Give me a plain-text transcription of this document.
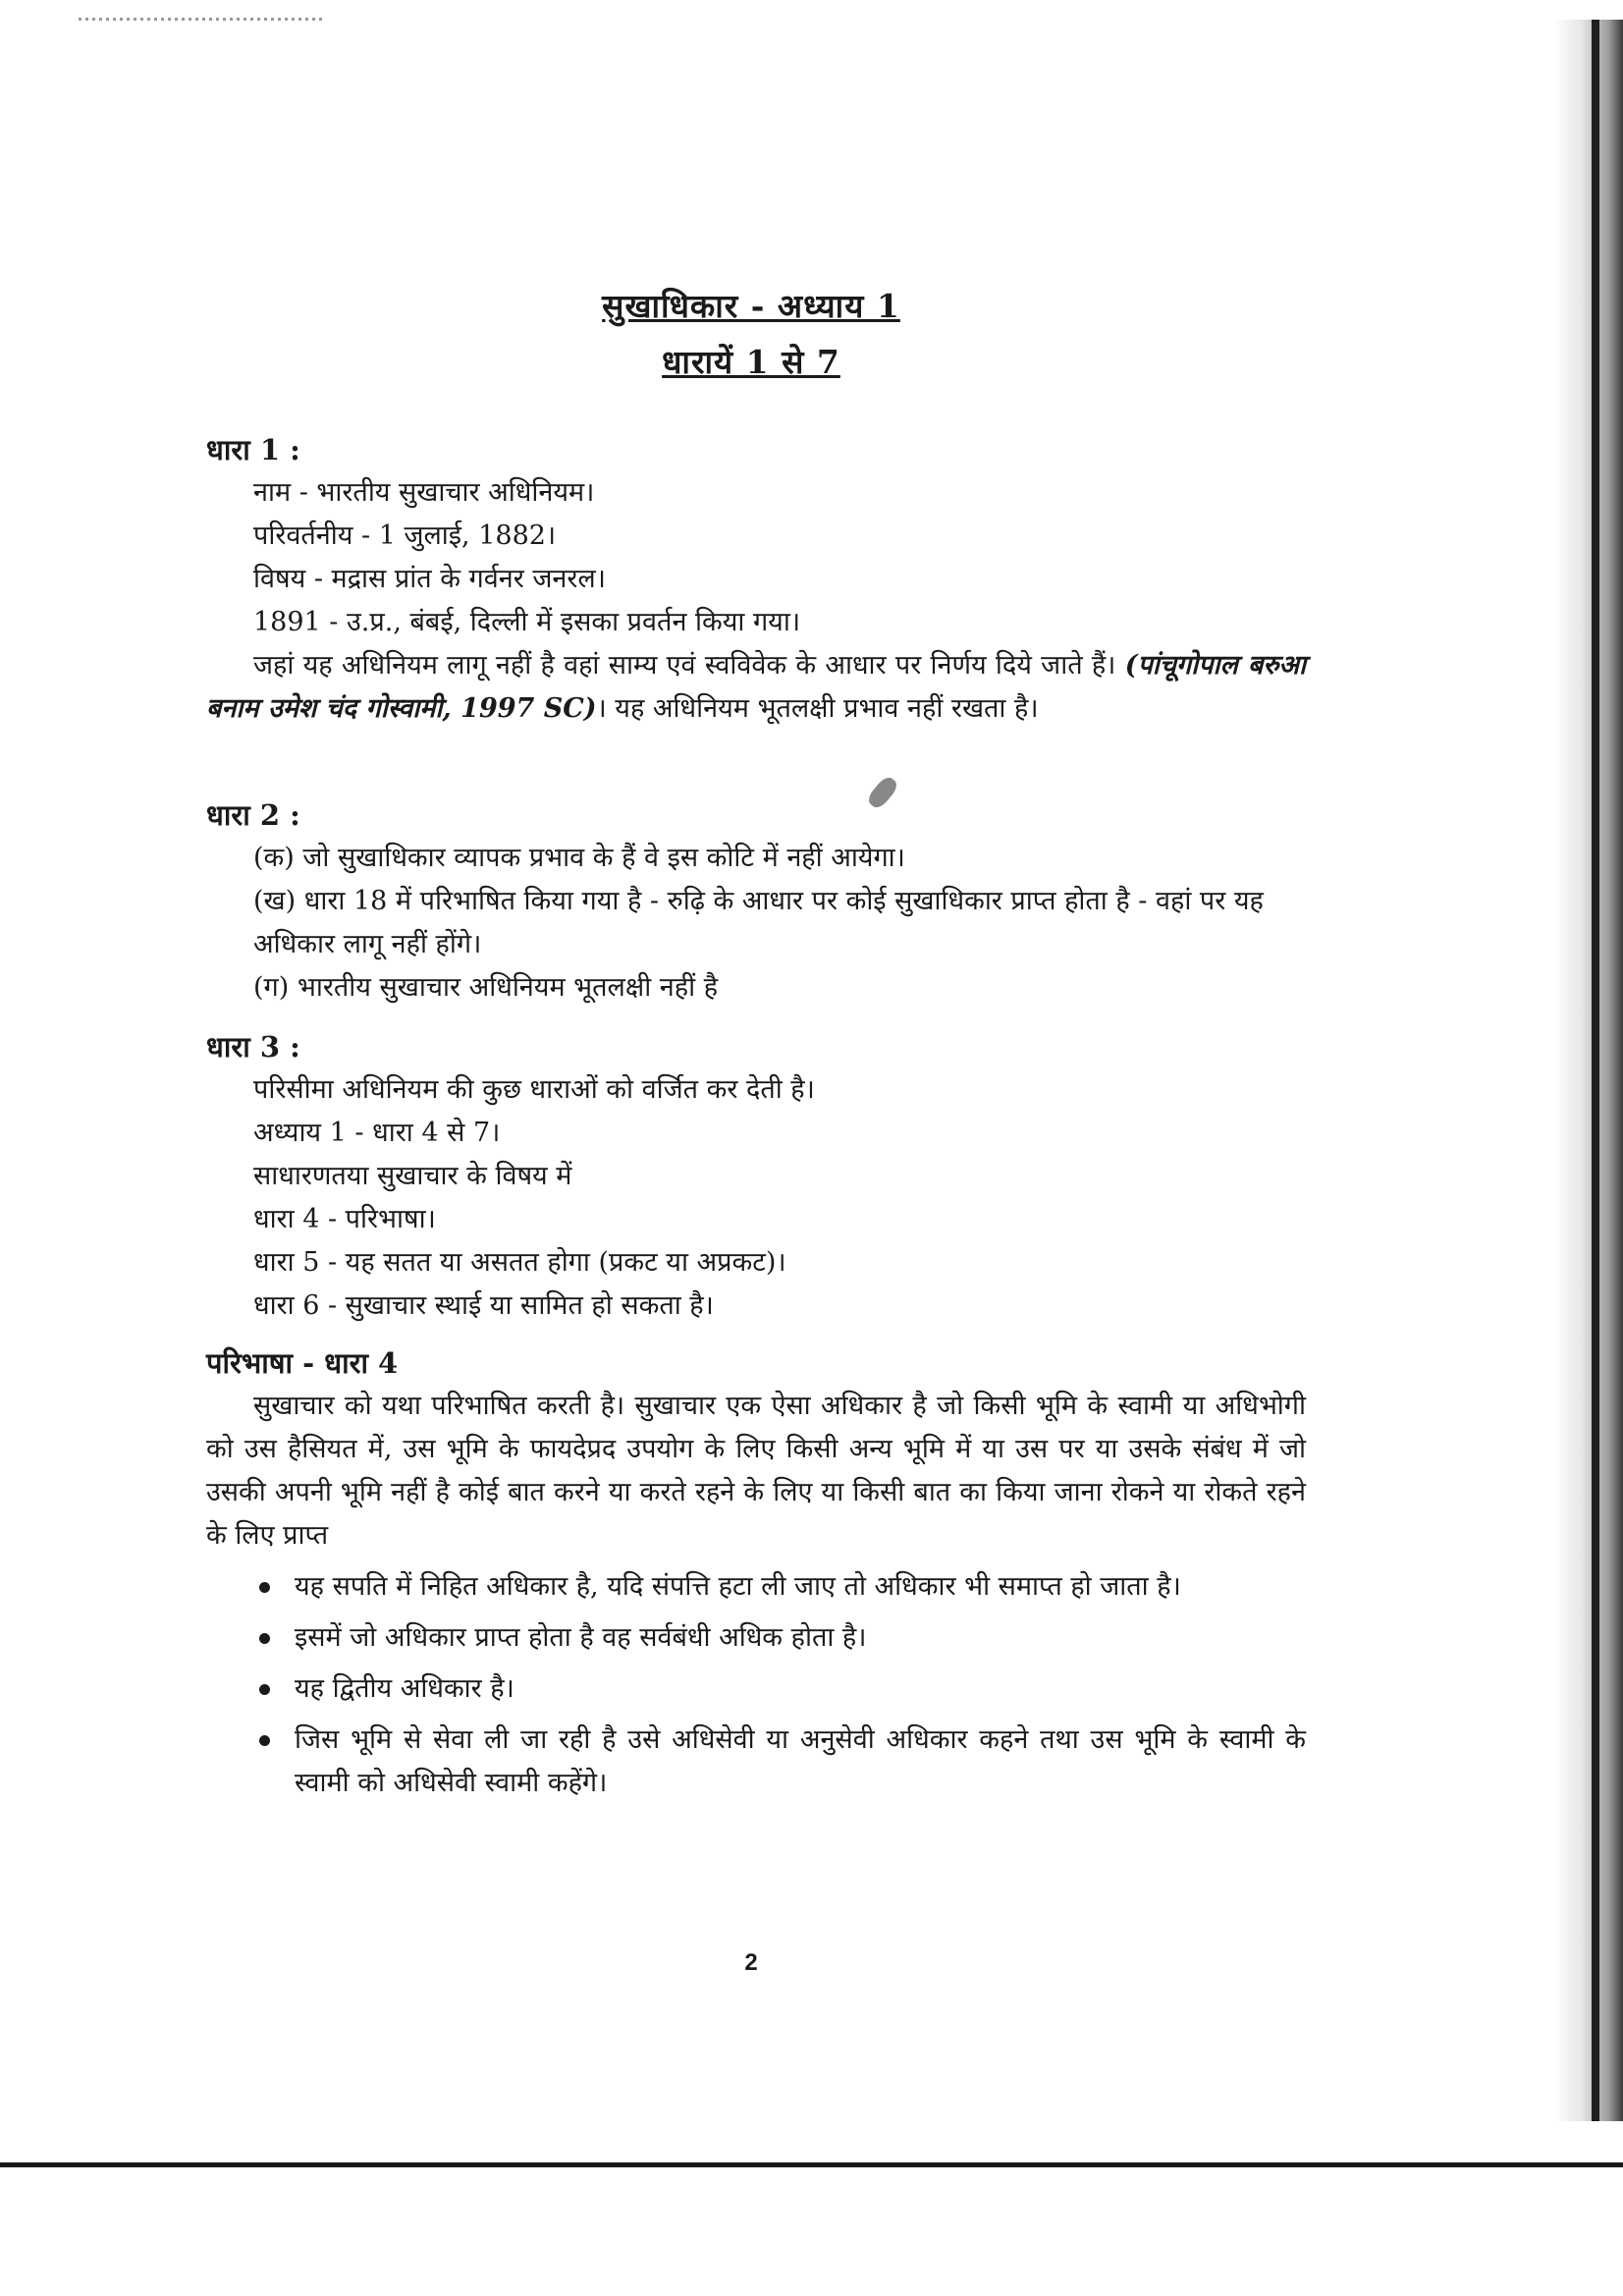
सुखाधिकार - अध्याय 1
धारायें 1 से 7
धारा 1 :
नाम - भारतीय सुखाचार अधिनियम।
परिवर्तनीय - 1 जुलाई, 1882।
विषय - मद्रास प्रांत के गर्वनर जनरल।
1891 - उ.प्र., बंबई, दिल्ली में इसका प्रवर्तन किया गया।

जहां यह अधिनियम लागू नहीं है वहां साम्य एवं स्वविवेक के आधार पर निर्णय दिये जाते हैं। (पांचूगोपाल बरुआ बनाम उमेश चंद गोस्वामी, 1997 SC)। यह अधिनियम भूतलक्षी प्रभाव नहीं रखता है।

धारा 2 :
(क) जो सुखाधिकार व्यापक प्रभाव के हैं वे इस कोटि में नहीं आयेगा।
(ख) धारा 18 में परिभाषित किया गया है - रुढ़ि के आधार पर कोई सुखाधिकार प्राप्त होता है - वहां पर यह अधिकार लागू नहीं होंगे।
(ग) भारतीय सुखाचार अधिनियम भूतलक्षी नहीं है
धारा 3 :
परिसीमा अधिनियम की कुछ धाराओं को वर्जित कर देती है।
अध्याय 1 - धारा 4 से 7।
साधारणतया सुखाचार के विषय में
धारा 4 - परिभाषा।
धारा 5 - यह सतत या असतत होगा (प्रकट या अप्रकट)।
धारा 6 - सुखाचार स्थाई या सामित हो सकता है।
परिभाषा - धारा 4

सुखाचार को यथा परिभाषित करती है। सुखाचार एक ऐसा अधिकार है जो किसी भूमि के स्वामी या अधिभोगी को उस हैसियत में, उस भूमि के फायदेप्रद उपयोग के लिए किसी अन्य भूमि में या उस पर या उसके संबंध में जो उसकी अपनी भूमि नहीं है कोई बात करने या करते रहने के लिए या किसी बात का किया जाना रोकने या रोकते रहने के लिए प्राप्त

यह सपति में निहित अधिकार है, यदि संपत्ति हटा ली जाए तो अधिकार भी समाप्त हो जाता है।
इसमें जो अधिकार प्राप्त होता है वह सर्वबंधी अधिक होता है।
यह द्वितीय अधिकार है।
जिस भूमि से सेवा ली जा रही है उसे अधिसेवी या अनुसेवी अधिकार कहने तथा उस भूमि के स्वामी के स्वामी को अधिसेवी स्वामी कहेंगे।
2
